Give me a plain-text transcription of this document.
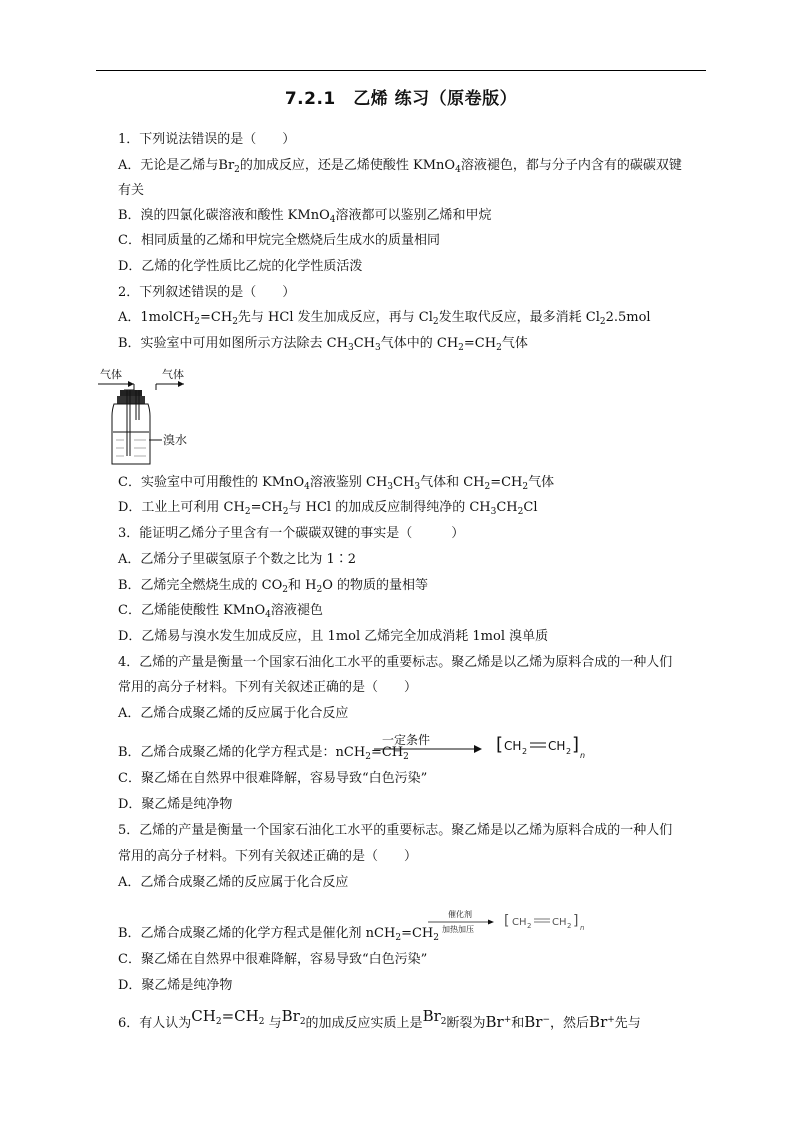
7.2.1　乙烯 练习（原卷版）
1．下列说法错误的是（　　）
A．无论是乙烯与$Br_2$的加成反应，还是乙烯使酸性 KMnO$_4$溶液褪色，都与分子内含有的碳碳双键
有关
B．溴的四氯化碳溶液和酸性 KMnO$_4$溶液都可以鉴别乙烯和甲烷
C．相同质量的乙烯和甲烷完全燃烧后生成水的质量相同
D．乙烯的化学性质比乙烷的化学性质活泼
2．下列叙述错误的是（　　）
A．$1molCH_2=CH_2$先与 HCl 发生加成反应，再与 $Cl_2$发生取代反应，最多消耗 $Cl_22.5mol$
B．实验室中可用如图所示方法除去 $CH_3CH_3$气体中的 $CH_2=CH_2$气体
气体	气体
溴水
C．实验室中可用酸性的 KMnO$_4$溶液鉴别 $CH_3CH_3$气体和 $CH_2=CH_2$气体
D．工业上可利用 $CH_2=CH_2$与 HCl 的加成反应制得纯净的 $CH_3CH_2Cl$
3．能证明乙烯分子里含有一个碳碳双键的事实是（　　　）
A．乙烯分子里碳氢原子个数之比为 1∶2
B．乙烯完全燃烧生成的 $CO_2$和 $H_2O$ 的物质的量相等
C．乙烯能使酸性 KMnO$_4$溶液褪色
D．乙烯易与溴水发生加成反应，且 1mol 乙烯完全加成消耗 1mol 溴单质
4．乙烯的产量是衡量一个国家石油化工水平的重要标志。聚乙烯是以乙烯为原料合成的一种人们
常用的高分子材料。下列有关叙述正确的是（　　）
A．乙烯合成聚乙烯的反应属于化合反应
B．乙烯合成聚乙烯的化学方程式是：$nCH_2=CH_2$
一定条件	[ CH 2 CH 2 ]
n
C．聚乙烯在自然界中很难降解，容易导致“白色污染”
D．聚乙烯是纯净物
5．乙烯的产量是衡量一个国家石油化工水平的重要标志。聚乙烯是以乙烯为原料合成的一种人们
常用的高分子材料。下列有关叙述正确的是（　　）
A．乙烯合成聚乙烯的反应属于化合反应
B．乙烯合成聚乙烯的化学方程式是催化剂 $nCH_2=CH_2$
催化剂
加热加压
[ CH 2 CH 2 ] n
C．聚乙烯在自然界中很难降解，容易导致“白色污染”
D．聚乙烯是纯净物
6．有人认为$CH_2=CH_2$ 与$Br_2$的加成反应实质上是$Br_2$断裂为Br+和Br−，然后Br+先与
